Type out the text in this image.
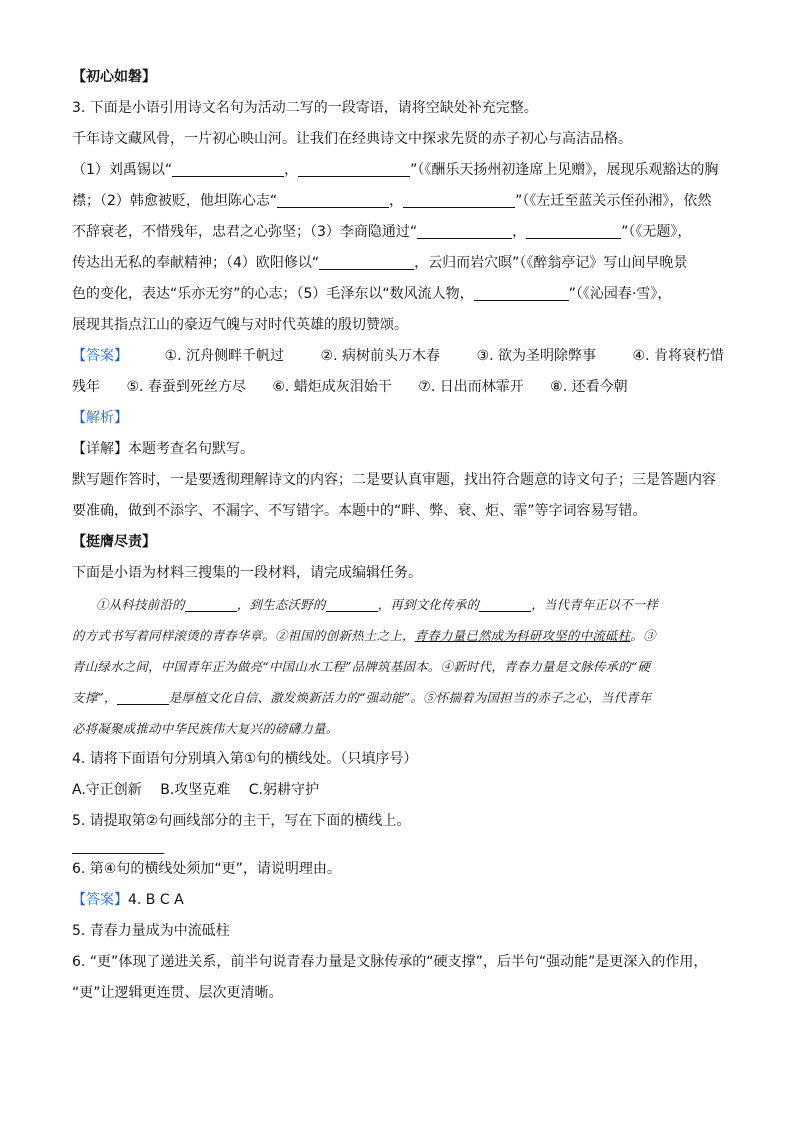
【初心如磐】
3. 下面是小语引用诗文名句为活动二写的一段寄语，请将空缺处补充完整。
千年诗文藏风骨，一片初心映山河。让我们在经典诗文中探求先贤的赤子初心与高洁品格。
（1）刘禹锡以“	，	”（《酬乐天扬州初逢席上见赠》，展现乐观豁达的胸
襟；（2）韩愈被贬，他坦陈心志“	，	”（《左迁至蓝关示侄孙湘》，依然
不辞衰老，不惜残年，忠君之心弥坚；（3）李商隐通过“	，	”（《无题》，
传达出无私的奉献精神；（4）欧阳修以“	，云归而岩穴暝”（《醉翁亭记》写山间早晚景
色的变化，表达“乐亦无穷”的心志；（5）毛泽东以“数风流人物，	”（《沁园春·雪》，
展现其指点江山的豪迈气魄与对时代英雄的殷切赞颂。
【答案】	①. 沉舟侧畔千帆过	②. 病树前头万木春	③. 欲为圣明除弊事	④. 肯将衰朽惜
残年 ⑤. 春蚕到死丝方尽 ⑥. 蜡炬成灰泪始干 ⑦. 日出而林霏开 ⑧. 还看今朝
【解析】
【详解】本题考查名句默写。
默写题作答时，一是要透彻理解诗文的内容；二是要认真审题，找出符合题意的诗文句子；三是答题内容
要准确，做到不添字、不漏字、不写错字。本题中的“畔、弊、衰、炬、霏”等字词容易写错。
【挺膺尽责】
下面是小语为材料三搜集的一段材料，请完成编辑任务。
①从科技前沿的	，到生态沃野的	，再到文化传承的	，当代青年正以不一样
的方式书写着同样滚烫的青春华章。②祖国的创新热土之上，青春力量已然成为科研攻坚的中流砥柱。③
青山绿水之间，中国青年正为做亮“中国山水工程”品牌筑基固本。④新时代，青春力量是文脉传承的“硬
支撑”，	是厚植文化自信、激发焕新活力的“强动能”。⑤怀揣着为国担当的赤子之心，当代青年
必将凝聚成推动中华民族伟大复兴的磅礴力量。
4. 请将下面语句分别填入第①句的横线处。（只填序号）
A.守正创新 B.攻坚克难 C.躬耕守护
5. 请提取第②句画线部分的主干，写在下面的横线上。
6. 第④句的横线处须加“更”，请说明理由。
【答案】4. B C A
5. 青春力量成为中流砥柱
6. “更”体现了递进关系，前半句说青春力量是文脉传承的“硬支撑”，后半句“强动能”是更深入的作用，
“更”让逻辑更连贯、层次更清晰。
